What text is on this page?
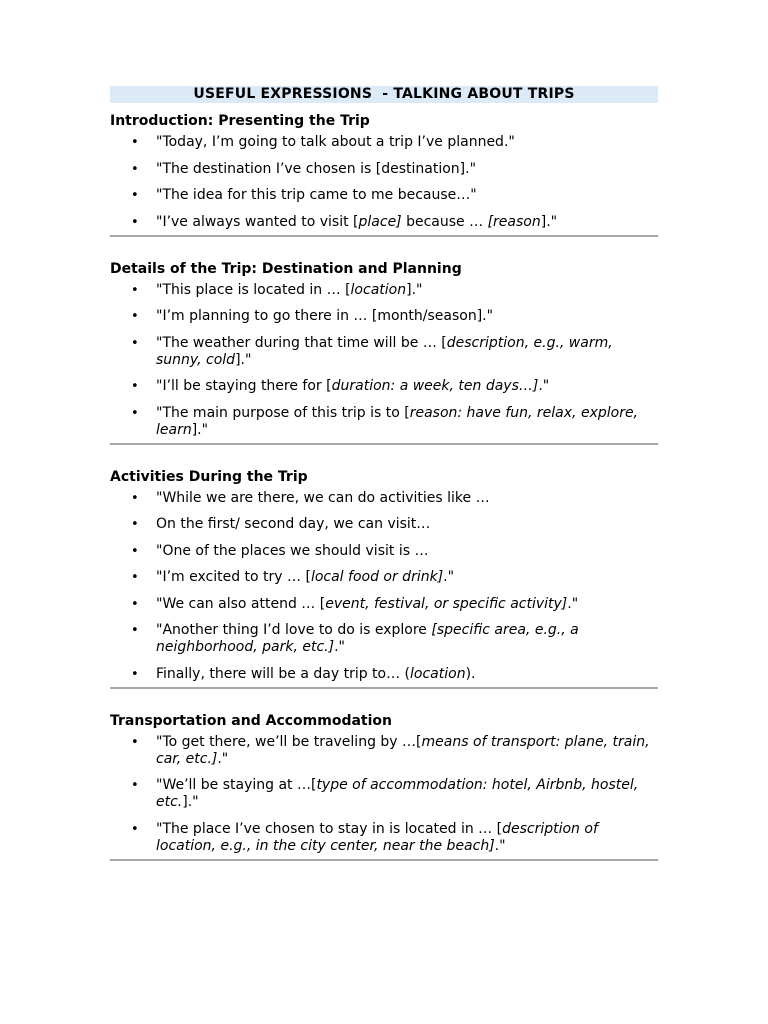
USEFUL EXPRESSIONS  - TALKING ABOUT TRIPS
Introduction: Presenting the Trip
• "Today, I’m going to talk about a trip I’ve planned."
• "The destination I’ve chosen is [destination]."
• "The idea for this trip came to me because…"
• "I’ve always wanted to visit [place] because … [reason]."
Details of the Trip: Destination and Planning
• "This place is located in … [location]."
• "I’m planning to go there in … [month/season]."
• "The weather during that time will be … [description, e.g., warm, sunny, cold]."
• "I’ll be staying there for [duration: a week, ten days…]."
• "The main purpose of this trip is to [reason: have fun, relax, explore, learn]."
Activities During the Trip
• "While we are there, we can do activities like …
• On the first/ second day, we can visit…
• "One of the places we should visit is …
• "I’m excited to try … [local food or drink]."
• "We can also attend … [event, festival, or specific activity]."
• "Another thing I’d love to do is explore [specific area, e.g., a neighborhood, park, etc.]."
• Finally, there will be a day trip to… (location).
Transportation and Accommodation
• "To get there, we’ll be traveling by …[means of transport: plane, train, car, etc.]."
• "We’ll be staying at …[type of accommodation: hotel, Airbnb, hostel, etc.]."
• "The place I’ve chosen to stay in is located in … [description of location, e.g., in the city center, near the beach]."
